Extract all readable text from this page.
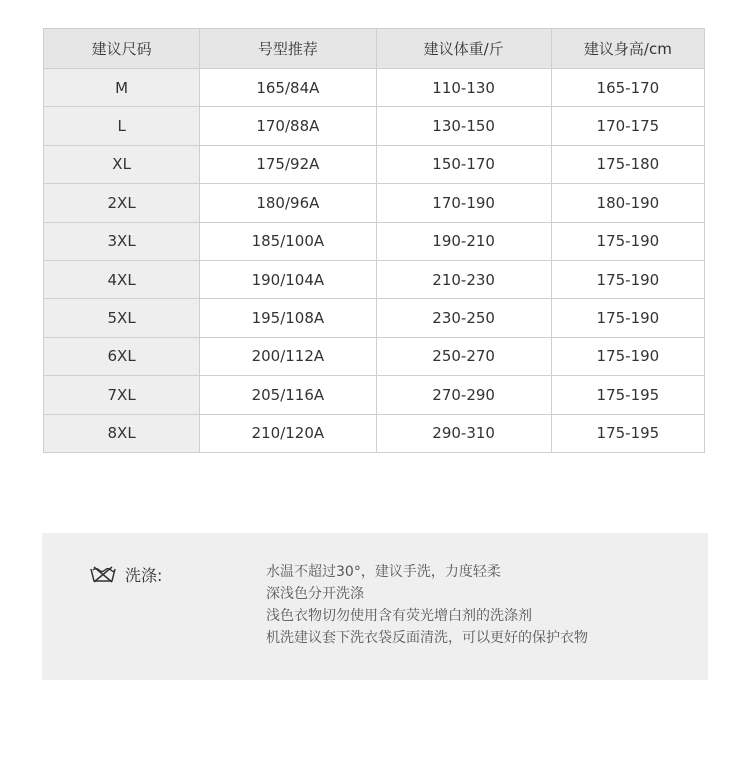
建议尺码	号型推荐	建议体重/斤	建议身高/cm
M	165/84A	110-130	165-170
L	170/88A	130-150	170-175
XL	175/92A	150-170	175-180
2XL	180/96A	170-190	180-190
3XL	185/100A	190-210	175-190
4XL	190/104A	210-230	175-190
5XL	195/108A	230-250	175-190
6XL	200/112A	250-270	175-190
7XL	205/116A	270-290	175-195
8XL	210/120A	290-310	175-195
洗涤:	水温不超过30°，建议手洗，力度轻柔
深浅色分开洗涤
浅色衣物切勿使用含有荧光增白剂的洗涤剂
机洗建议套下洗衣袋反面清洗，可以更好的保护衣物
